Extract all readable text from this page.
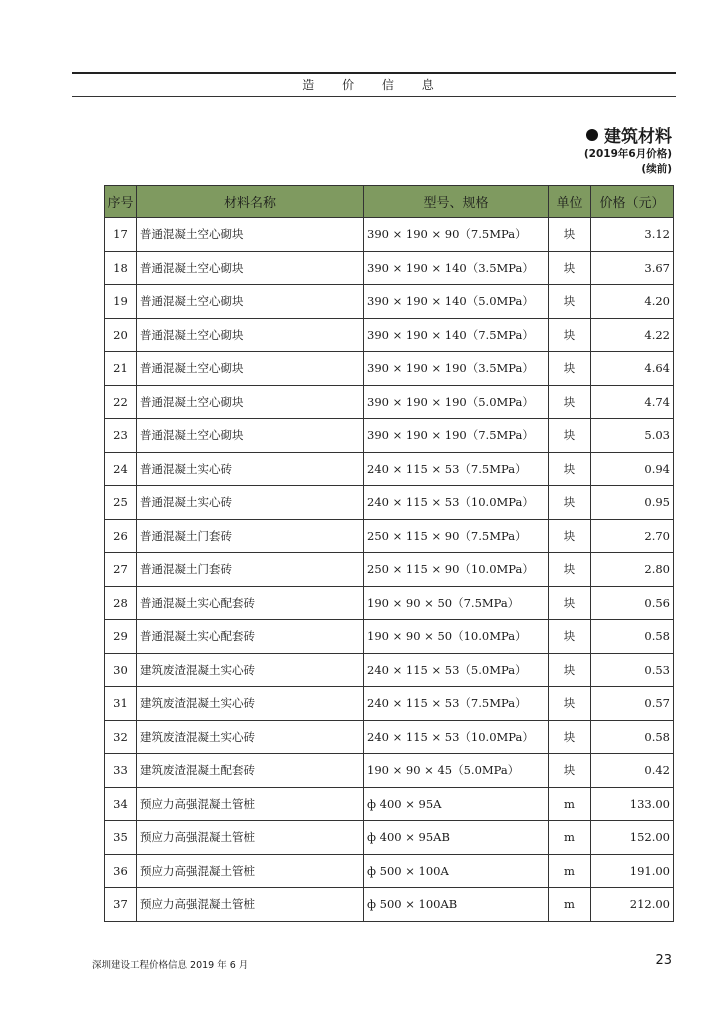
造 价 信 息
建筑材料
(2019年6月价格)
(续前)
序号	材料名称	型号、规格	单位	价格（元）
17	普通混凝土空心砌块	390 × 190 × 90（7.5MPa）	块	3.12
18	普通混凝土空心砌块	390 × 190 × 140（3.5MPa）	块	3.67
19	普通混凝土空心砌块	390 × 190 × 140（5.0MPa）	块	4.20
20	普通混凝土空心砌块	390 × 190 × 140（7.5MPa）	块	4.22
21	普通混凝土空心砌块	390 × 190 × 190（3.5MPa）	块	4.64
22	普通混凝土空心砌块	390 × 190 × 190（5.0MPa）	块	4.74
23	普通混凝土空心砌块	390 × 190 × 190（7.5MPa）	块	5.03
24	普通混凝土实心砖	240 × 115 × 53（7.5MPa）	块	0.94
25	普通混凝土实心砖	240 × 115 × 53（10.0MPa）	块	0.95
26	普通混凝土门套砖	250 × 115 × 90（7.5MPa）	块	2.70
27	普通混凝土门套砖	250 × 115 × 90（10.0MPa）	块	2.80
28	普通混凝土实心配套砖	190 × 90 × 50（7.5MPa）	块	0.56
29	普通混凝土实心配套砖	190 × 90 × 50（10.0MPa）	块	0.58
30	建筑废渣混凝土实心砖	240 × 115 × 53（5.0MPa）	块	0.53
31	建筑废渣混凝土实心砖	240 × 115 × 53（7.5MPa）	块	0.57
32	建筑废渣混凝土实心砖	240 × 115 × 53（10.0MPa）	块	0.58
33	建筑废渣混凝土配套砖	190 × 90 × 45（5.0MPa）	块	0.42
34	预应力高强混凝土管桩	ф 400 × 95A	m	133.00
35	预应力高强混凝土管桩	ф 400 × 95AB	m	152.00
36	预应力高强混凝土管桩	ф 500 × 100A	m	191.00
37	预应力高强混凝土管桩	ф 500 × 100AB	m	212.00
深圳建设工程价格信息 2019 年 6 月	23
